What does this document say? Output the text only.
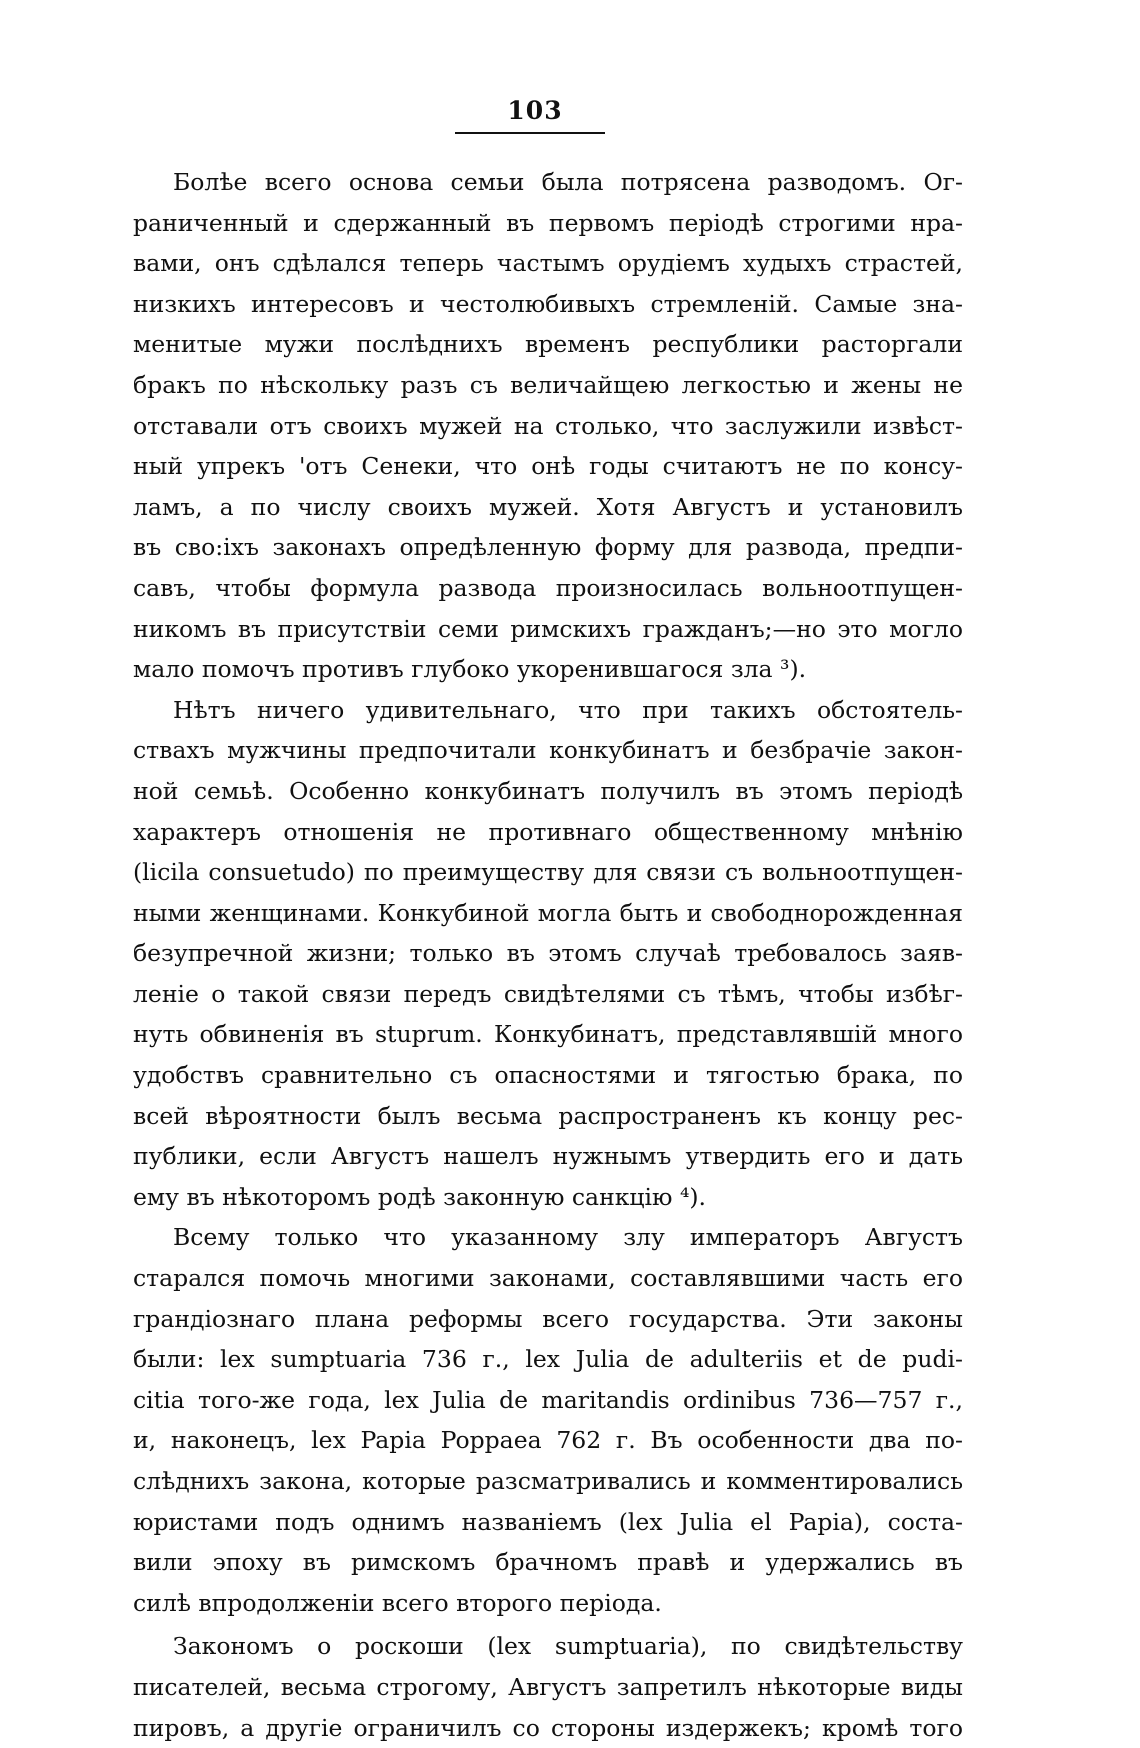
103
Болѣе всего основа семьи была потрясена разводомъ. Ог-
раниченный и сдержанный въ первомъ періодѣ строгими нра-
вами, онъ сдѣлался теперь частымъ орудіемъ худыхъ страстей,
низкихъ интересовъ и честолюбивыхъ стремленій. Самые зна-
менитые мужи послѣднихъ временъ республики расторгали
бракъ по нѣскольку разъ съ величайщею легкостью и жены не
отставали отъ своихъ мужей на столько, что заслужили извѣст-
ный упрекъ 'отъ Сенеки, что онѣ годы считаютъ не по консу-
ламъ, а по числу своихъ мужей. Хотя Августъ и установилъ
въ сво:іхъ законахъ опредѣленную форму для развода, предпи-
савъ, чтобы формула развода произносилась вольноотпущен-
никомъ въ присутствіи семи римскихъ гражданъ;—но это могло
мало помочъ противъ глубоко укоренившагося зла ³).
Нѣтъ ничего удивительнаго, что при такихъ обстоятель-
ствахъ мужчины предпочитали конкубинатъ и безбрачіе закон-
ной семьѣ. Особенно конкубинатъ получилъ въ этомъ періодѣ
характеръ отношенія не противнаго общественному мнѣнію
(licila consuetudo) по преимуществу для связи съ вольноотпущен-
ными женщинами. Конкубиной могла быть и свободнорожденная
безупречной жизни; только въ этомъ случаѣ требовалось заяв-
леніе о такой связи передъ свидѣтелями съ тѣмъ, чтобы избѣг-
нуть обвиненія въ stuprum. Конкубинатъ, представлявшій много
удобствъ сравнительно съ опасностями и тягостью брака, по
всей вѣроятности былъ весьма распространенъ къ концу рес-
публики, если Августъ нашелъ нужнымъ утвердить его и дать
ему въ нѣкоторомъ родѣ законную санкцію ⁴).
Всему только что указанному злу императоръ Августъ
старался помочь многими законами, составлявшими часть его
грандіознаго плана реформы всего государства. Эти законы
были: lex sumptuaria 736 г., lex Julia de adulteriis et de pudi-
citia того-же года, lex Julia de maritandis ordinibus 736—757 г.,
и, наконецъ, lex Papia Poppaea 762 г. Въ особенности два по-
слѣднихъ закона, которые разсматривались и комментировались
юристами подъ однимъ названіемъ (lex Julia el Papia), соста-
вили эпоху въ римскомъ брачномъ правѣ и удержались въ
силѣ впродолженіи всего второго періода.
Закономъ о роскоши (lex sumptuaria), по свидѣтельству
писателей, весьма строгому, Августъ запретилъ нѣкоторые виды
пировъ, а другіе ограничилъ со стороны издержекъ; кромѣ того
